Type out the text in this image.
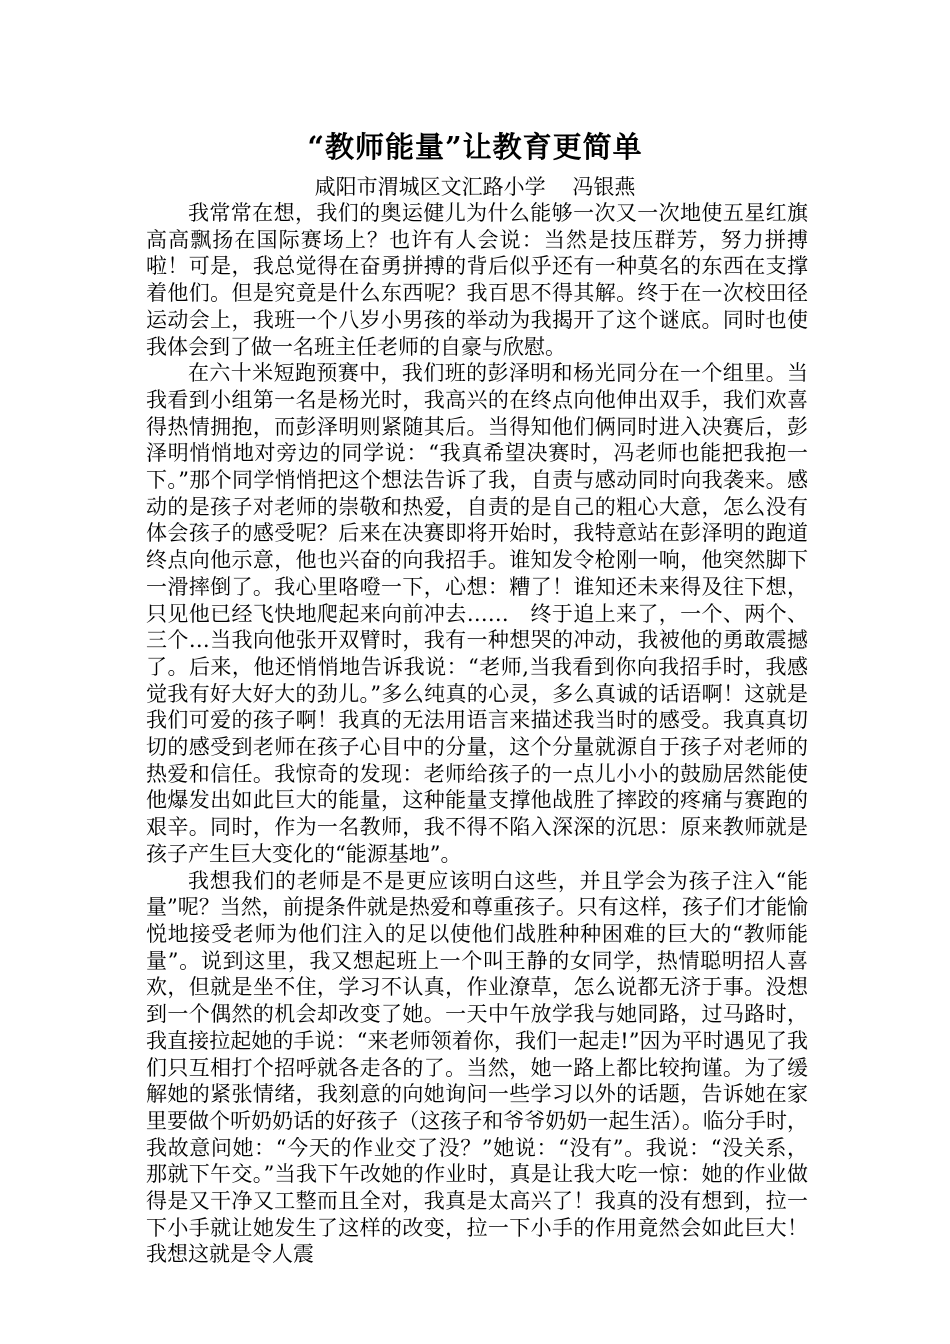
“教师能量”让教育更简单

咸阳市渭城区文汇路小学    冯银燕

我常常在想，我们的奥运健儿为什么能够一次又一次地使五星红旗高高飘扬在国际赛场上？也许有人会说：当然是技压群芳，努力拼搏啦！可是，我总觉得在奋勇拼搏的背后似乎还有一种莫名的东西在支撑着他们。但是究竟是什么东西呢？我百思不得其解。终于在一次校田径运动会上，我班一个八岁小男孩的举动为我揭开了这个谜底。同时也使我体会到了做一名班主任老师的自豪与欣慰。

在六十米短跑预赛中，我们班的彭泽明和杨光同分在一个组里。当我看到小组第一名是杨光时，我高兴的在终点向他伸出双手，我们欢喜得热情拥抱，而彭泽明则紧随其后。当得知他们俩同时进入决赛后，彭泽明悄悄地对旁边的同学说：“我真希望决赛时，冯老师也能把我抱一下。”那个同学悄悄把这个想法告诉了我，自责与感动同时向我袭来。感动的是孩子对老师的崇敬和热爱，自责的是自己的粗心大意，怎么没有体会孩子的感受呢？后来在决赛即将开始时，我特意站在彭泽明的跑道终点向他示意，他也兴奋的向我招手。谁知发令枪刚一响，他突然脚下一滑摔倒了。我心里咯噔一下，心想：糟了！谁知还未来得及往下想，只见他已经飞快地爬起来向前冲去……　终于追上来了，一个、两个、三个…当我向他张开双臂时，我有一种想哭的冲动，我被他的勇敢震撼了。后来，他还悄悄地告诉我说：“老师,当我看到你向我招手时，我感觉我有好大好大的劲儿。”多么纯真的心灵，多么真诚的话语啊！这就是我们可爱的孩子啊！我真的无法用语言来描述我当时的感受。我真真切切的感受到老师在孩子心目中的分量，这个分量就源自于孩子对老师的热爱和信任。我惊奇的发现：老师给孩子的一点儿小小的鼓励居然能使他爆发出如此巨大的能量，这种能量支撑他战胜了摔跤的疼痛与赛跑的艰辛。同时，作为一名教师，我不得不陷入深深的沉思：原来教师就是孩子产生巨大变化的“能源基地”。

我想我们的老师是不是更应该明白这些，并且学会为孩子注入“能量”呢？当然，前提条件就是热爱和尊重孩子。只有这样，孩子们才能愉悦地接受老师为他们注入的足以使他们战胜种种困难的巨大的“教师能量”。说到这里，我又想起班上一个叫王静的女同学，热情聪明招人喜欢，但就是坐不住，学习不认真，作业潦草，怎么说都无济于事。没想到一个偶然的机会却改变了她。一天中午放学我与她同路，过马路时，我直接拉起她的手说：“来老师领着你，我们一起走!”因为平时遇见了我们只互相打个招呼就各走各的了。当然，她一路上都比较拘谨。为了缓解她的紧张情绪，我刻意的向她询问一些学习以外的话题，告诉她在家里要做个听奶奶话的好孩子（这孩子和爷爷奶奶一起生活）。临分手时，我故意问她：“今天的作业交了没？”她说：“没有”。我说：“没关系，那就下午交。”当我下午改她的作业时，真是让我大吃一惊：她的作业做得是又干净又工整而且全对，我真是太高兴了！我真的没有想到，拉一下小手就让她发生了这样的改变，拉一下小手的作用竟然会如此巨大！我想这就是令人震
